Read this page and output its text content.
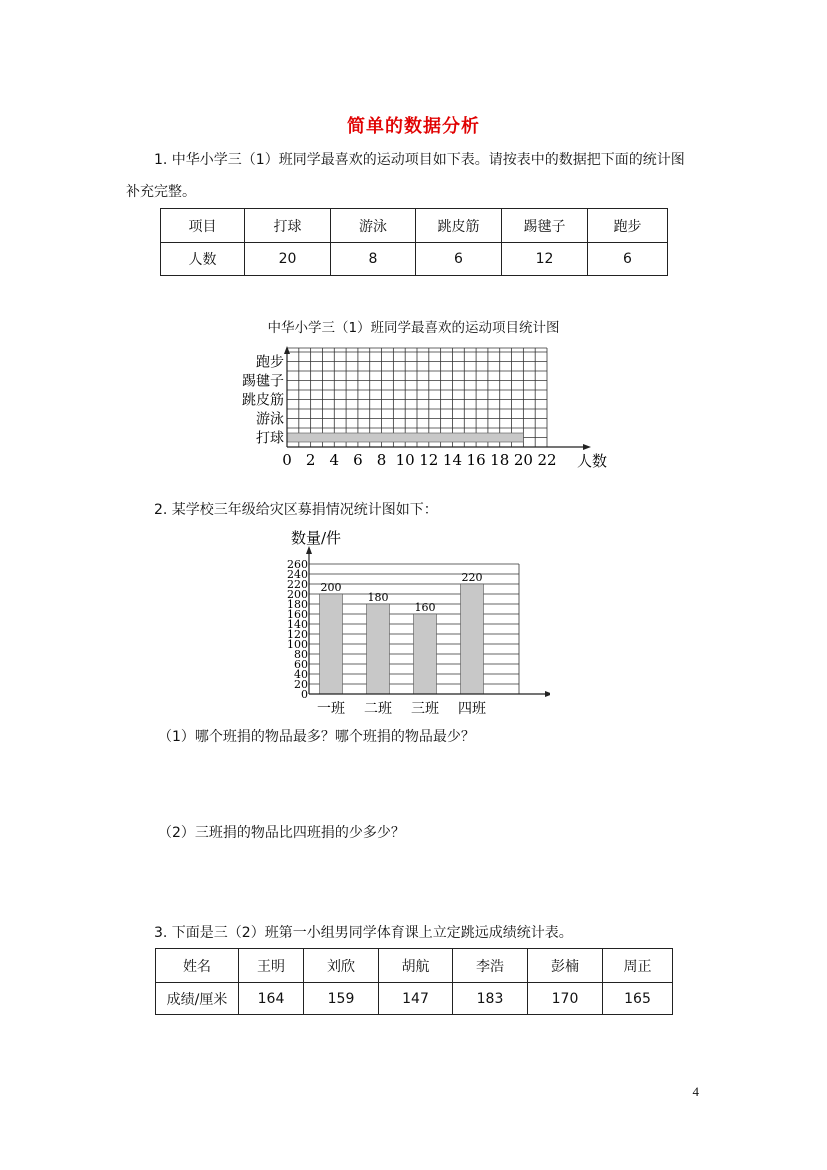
简单的数据分析
1. 中华小学三（1）班同学最喜欢的运动项目如下表。请按表中的数据把下面的统计图
补充完整。
项目	打球	游泳	跳皮筋	踢毽子	跑步
人数	20	8	6	12	6
中华小学三（1）班同学最喜欢的运动项目统计图
打球
游泳
跳皮筋
踢毽子
跑步
0 2 4 6 8 10 12 14 16 18 20 22 人数
2. 某学校三年级给灾区募捐情况统计图如下：
0
20
40
60
80
100
120
140
160
180
200
220
240
260
200
一班
180
二班
160
三班
220
四班
数量/件
（1）哪个班捐的物品最多？哪个班捐的物品最少？
（2）三班捐的物品比四班捐的少多少？
3. 下面是三（2）班第一小组男同学体育课上立定跳远成绩统计表。
姓名	王明	刘欣	胡航	李浩	彭楠	周正
成绩/厘米	164	159	147	183	170	165
4
